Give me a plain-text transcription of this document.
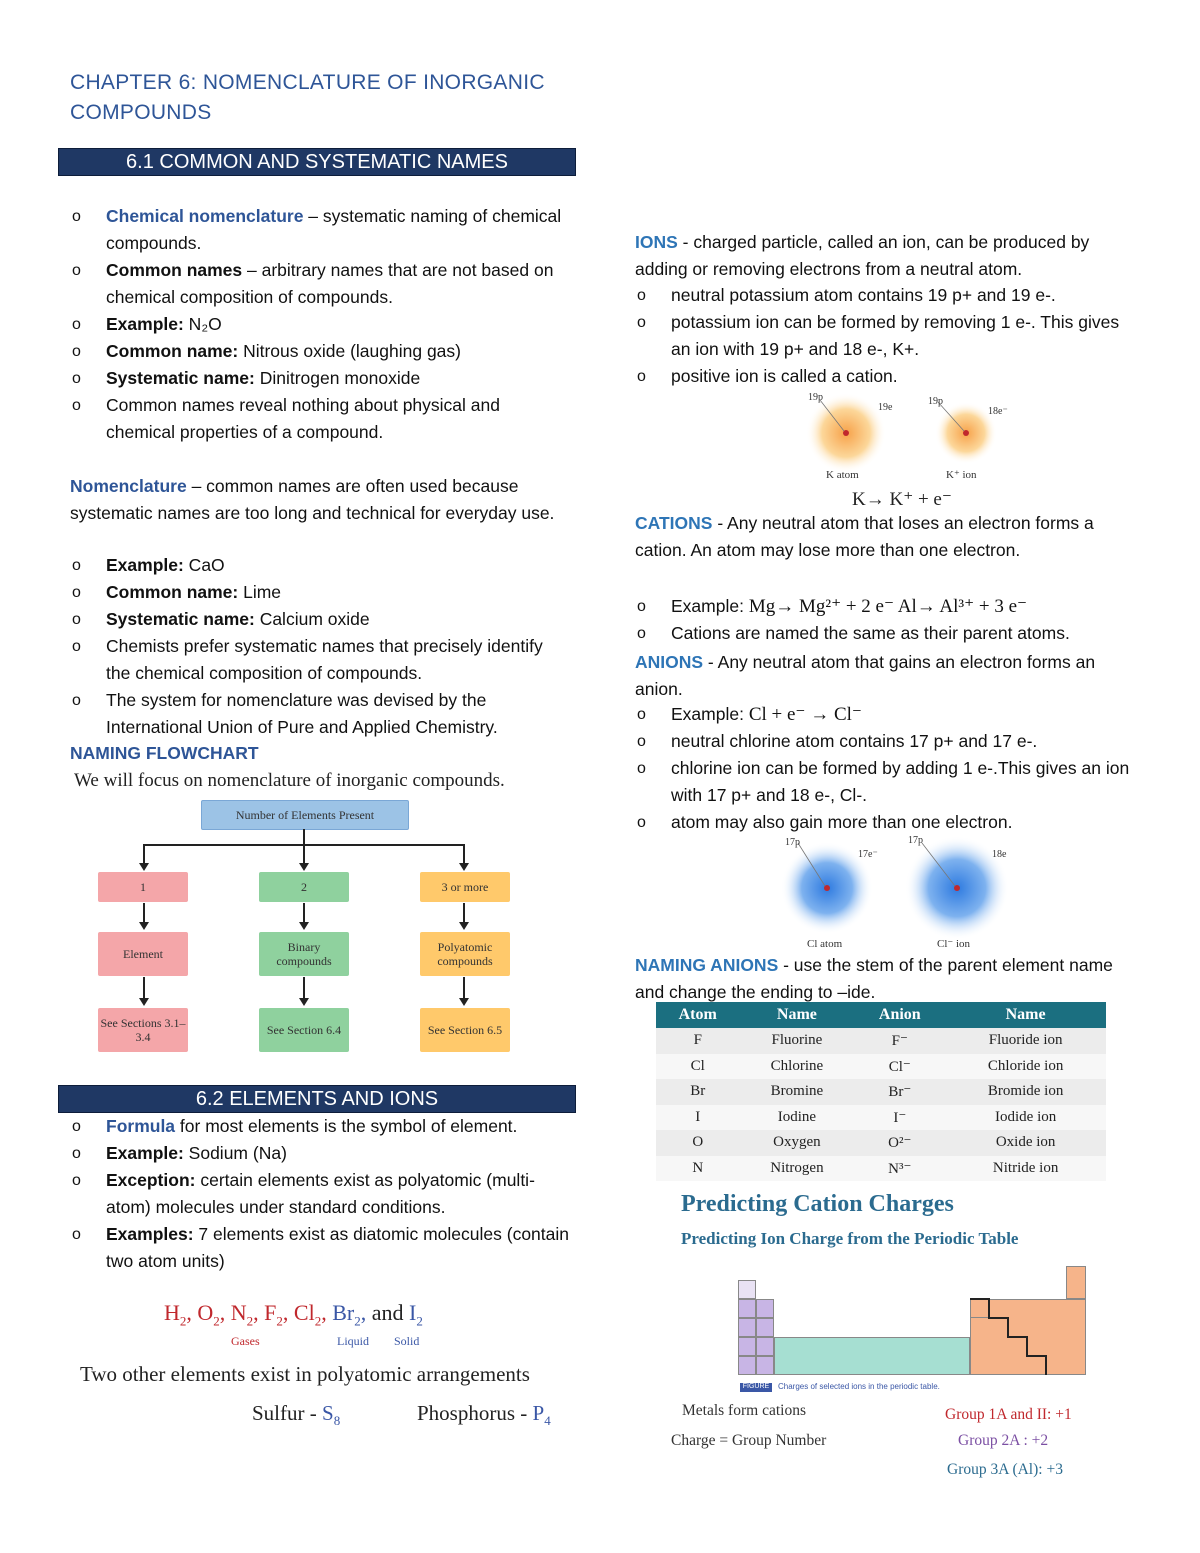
CHAPTER 6: NOMENCLATURE OF INORGANIC COMPOUNDS
6.1 COMMON AND SYSTEMATIC NAMES
o Chemical nomenclature – systematic naming of chemical compounds.
o Common names – arbitrary names that are not based on chemical composition of compounds.
o Example: N₂O
o Common name: Nitrous oxide (laughing gas)
o Systematic name: Dinitrogen monoxide
o Common names reveal nothing about physical and chemical properties of a compound.
Nomenclature – common names are often used because systematic names are too long and technical for everyday use.
o Example: CaO
o Common name: Lime
o Systematic name: Calcium oxide
o Chemists prefer systematic names that precisely identify the chemical composition of compounds.
o The system for nomenclature was devised by the International Union of Pure and Applied Chemistry.
NAMING FLOWCHART
We will focus on nomenclature of inorganic compounds.
Number of Elements Present
1	2	3 or more
Element	Binary compounds
Polyatomic compounds
See Sections 3.1–3.4	See Section 6.4	See Section 6.5
6.2 ELEMENTS AND IONS
o Formula for most elements is the symbol of element.
o Example: Sodium (Na)
o Exception: certain elements exist as polyatomic (multi-atom) molecules under standard conditions.
o Examples: 7 elements exist as diatomic molecules (contain two atom units)
$H_2$, $O_2$, $N_2$, $F_2$, $Cl_2$, $Br_2$, and $I_2$
Gases	Liquid Solid
Two other elements exist in polyatomic arrangements
Sulfur - $S_8$	Phosphorus - $P_4$
IONS - charged particle, called an ion, can be produced by adding or removing electrons from a neutral atom.
o neutral potassium atom contains 19 p+ and 19 e-.
o potassium ion can be formed by removing 1 e-. This gives an ion with 19 p+ and 18 e-, K+.
o positive ion is called a cation.
19p
19e
19p
18e⁻
K atom	K⁺ ion
K→ K⁺ + e⁻
CATIONS - Any neutral atom that loses an electron forms a cation. An atom may lose more than one electron.
o Example: Mg→ Mg²⁺ + 2 e⁻ Al→ Al³⁺ + 3 e⁻
o Cations are named the same as their parent atoms.
ANIONS - Any neutral atom that gains an electron forms an anion.
o Example: Cl + e⁻ → Cl⁻
o neutral chlorine atom contains 17 p+ and 17 e-.
o chlorine ion can be formed by adding 1 e-.This gives an ion with 17 p+ and 18 e-, Cl-.
o atom may also gain more than one electron.
17p
17e⁻
17p
18e
Cl atom	Cl⁻ ion
NAMING ANIONS - use the stem of the parent element name and change the ending to –ide.
Atom	Name	Anion	Name
F	Fluorine	F⁻	Fluoride ion
Cl	Chlorine	Cl⁻	Chloride ion
Br	Bromine	Br⁻	Bromide ion
I	Iodine	I⁻	Iodide ion
O	Oxygen	O²⁻	Oxide ion
N	Nitrogen	N³⁻	Nitride ion
Predicting Cation Charges
Predicting Ion Charge from the Periodic Table
FIGURE 6.1
Charges of selected ions in the periodic table.
Metals form cations
Charge = Group Number
Group 1A and II: +1
Group 2A : +2
Group 3A (Al): +3
